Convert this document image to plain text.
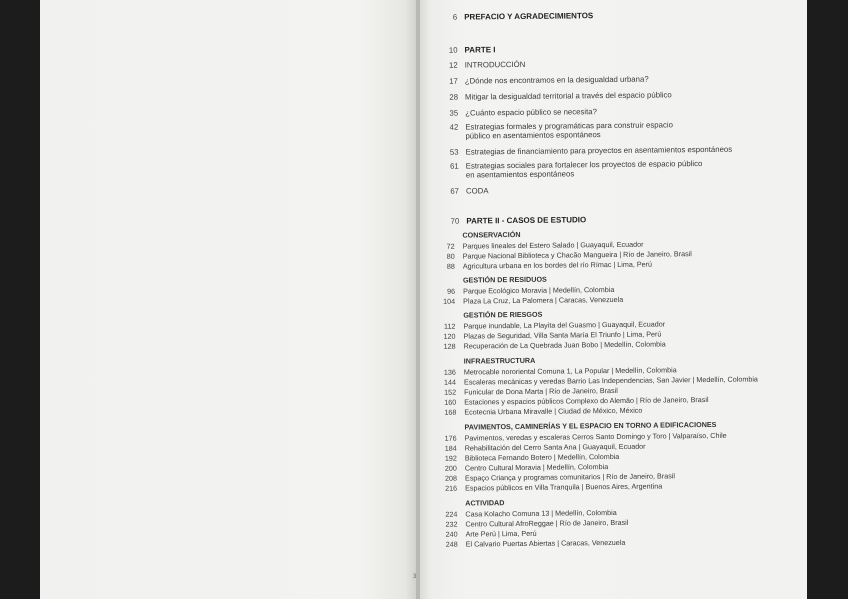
6 PREFACIO Y AGRADECIMIENTOS
10 PARTE I
12 INTRODUCCIÓN
17 ¿Dónde nos encontramos en la desigualdad urbana?
28 Mitigar la desigualdad territorial a través del espacio público
35 ¿Cuánto espacio público se necesita?
42 Estrategias formales y programáticas para construir espacio
público en asentamientos espontáneos
53 Estrategias de financiamiento para proyectos en asentamientos espontáneos
61 Estrategias sociales para fortalecer los proyectos de espacio público
en asentamientos espontáneos
67 CODA
70 PARTE II - CASOS DE ESTUDIO
CONSERVACIÓN
72 Parques lineales del Estero Salado | Guayaquil, Ecuador
80 Parque Nacional Biblioteca y Chacão Mangueira | Río de Janeiro, Brasil
88 Agricultura urbana en los bordes del río Rímac | Lima, Perú
GESTIÓN DE RESIDUOS
96 Parque Ecológico Moravia | Medellín, Colombia
104 Plaza La Cruz, La Palomera | Caracas, Venezuela
GESTIÓN DE RIESGOS
112 Parque inundable, La Playita del Guasmo | Guayaquil, Ecuador
120 Plazas de Seguridad, Villa Santa María El Triunfo | Lima, Perú
128 Recuperación de La Quebrada Juan Bobo | Medellín, Colombia
INFRAESTRUCTURA
136 Metrocable nororiental Comuna 1, La Popular | Medellín, Colombia
144 Escaleras mecánicas y veredas Barrio Las Independencias, San Javier | Medellín, Colombia
152 Funicular de Dona Marta | Río de Janeiro, Brasil
160 Estaciones y espacios públicos Complexo do Alemão | Río de Janeiro, Brasil
168 Ecotecnia Urbana Miravalle | Ciudad de México, México
PAVIMENTOS, CAMINERÍAS Y EL ESPACIO EN TORNO A EDIFICACIONES
176 Pavimentos, veredas y escaleras Cerros Santo Domingo y Toro | Valparaíso, Chile
184 Rehabilitación del Cerro Santa Ana | Guayaquil, Ecuador
192 Biblioteca Fernando Botero | Medellín, Colombia
200 Centro Cultural Moravia | Medellín, Colombia
208 Espaço Criança y programas comunitarios | Río de Janeiro, Brasil
216 Espacios públicos en Villa Tranquila | Buenos Aires, Argentina
ACTIVIDAD
224 Casa Kolacho Comuna 13 | Medellín, Colombia
232 Centro Cultural AfroReggae | Río de Janeiro, Brasil
240 Arte Perú | Lima, Perú
248 El Calvario Puertas Abiertas | Caracas, Venezuela
3
